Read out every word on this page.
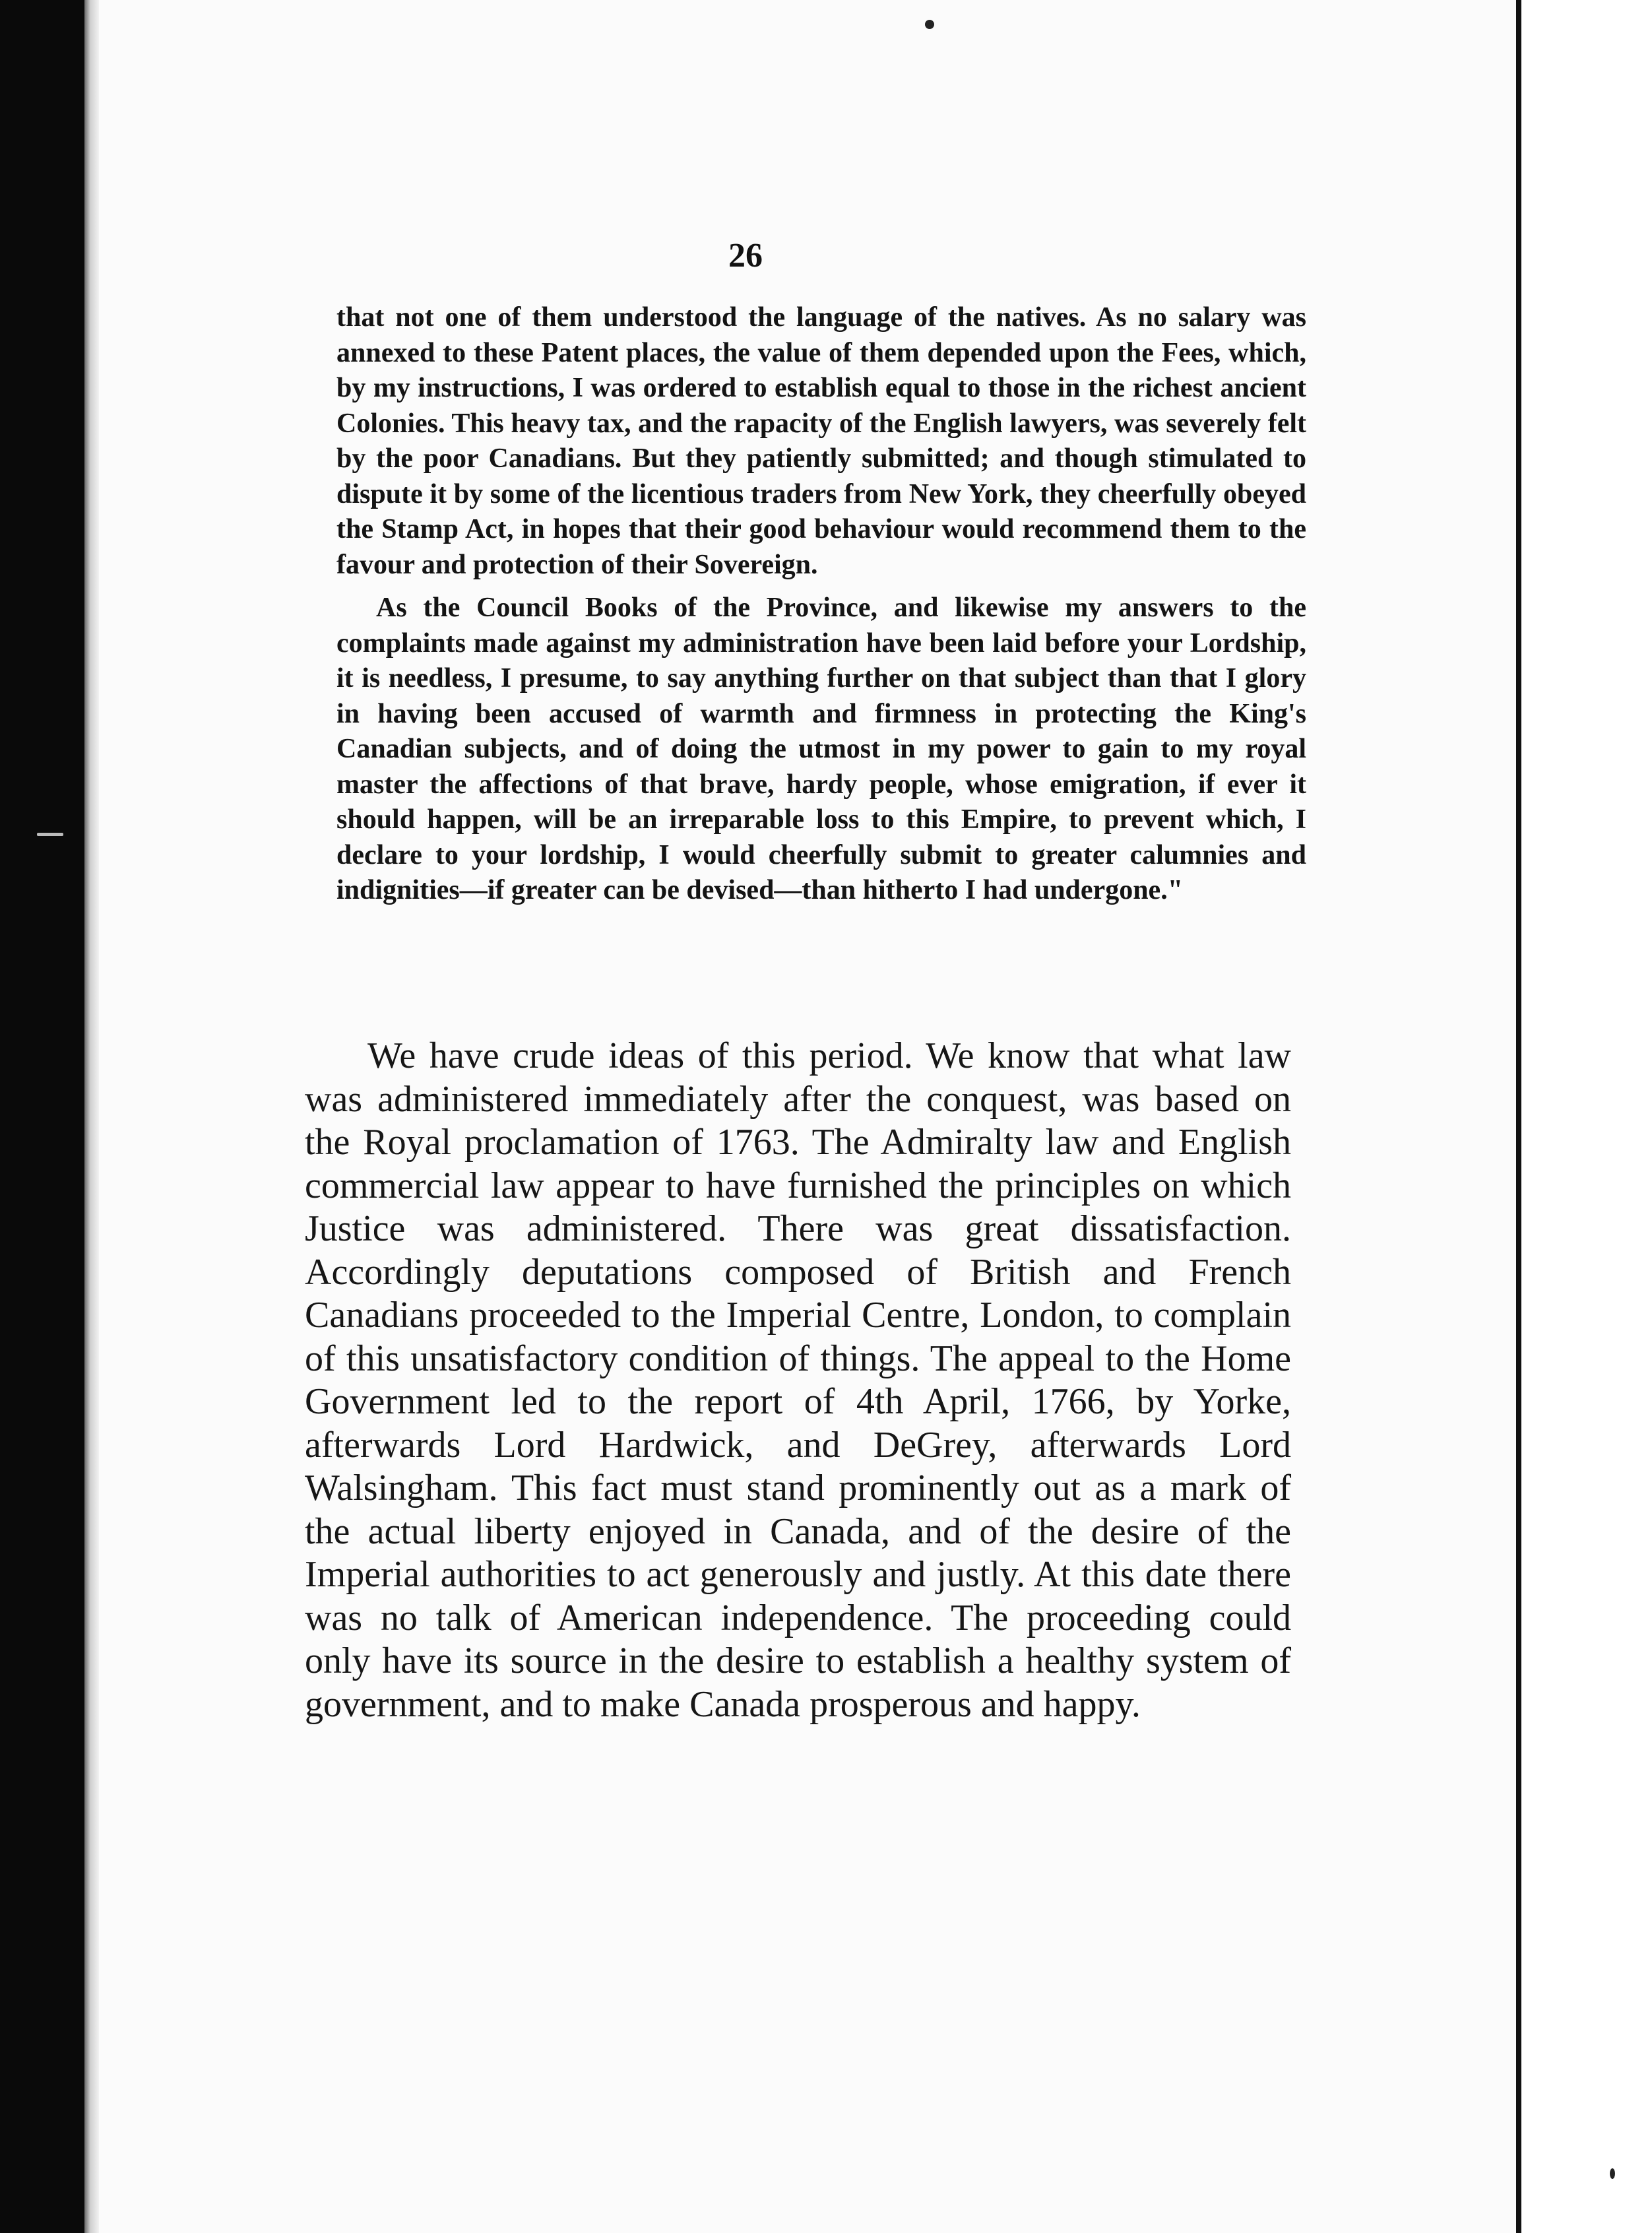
26

that not one of them understood the language of the natives. As no salary was annexed to these Patent places, the value of them depended upon the Fees, which, by my instructions, I was ordered to establish equal to those in the richest ancient Colonies. This heavy tax, and the rapacity of the English lawyers, was severely felt by the poor Canadians. But they patiently submitted; and though stimulated to dispute it by some of the licentious traders from New York, they cheerfully obeyed the Stamp Act, in hopes that their good behaviour would recommend them to the favour and protection of their Sovereign.

As the Council Books of the Province, and likewise my answers to the complaints made against my administration have been laid before your Lordship, it is needless, I presume, to say anything further on that subject than that I glory in having been accused of warmth and firmness in protecting the King's Canadian subjects, and of doing the utmost in my power to gain to my royal master the affections of that brave, hardy people, whose emigration, if ever it should happen, will be an irreparable loss to this Empire, to prevent which, I declare to your lordship, I would cheerfully submit to greater calumnies and indignities—if greater can be devised—than hitherto I had undergone."

We have crude ideas of this period. We know that what law was administered immediately after the conquest, was based on the Royal proclamation of 1763. The Admiralty law and English commercial law appear to have furnished the principles on which Justice was administered. There was great dissatisfaction. Accordingly deputations composed of British and French Canadians proceeded to the Imperial Centre, London, to complain of this unsatisfactory condition of things. The appeal to the Home Government led to the report of 4th April, 1766, by Yorke, afterwards Lord Hardwick, and DeGrey, afterwards Lord Walsingham. This fact must stand prominently out as a mark of the actual liberty enjoyed in Canada, and of the desire of the Imperial authorities to act generously and justly. At this date there was no talk of American independence. The proceeding could only have its source in the desire to establish a healthy system of government, and to make Canada prosperous and happy.
